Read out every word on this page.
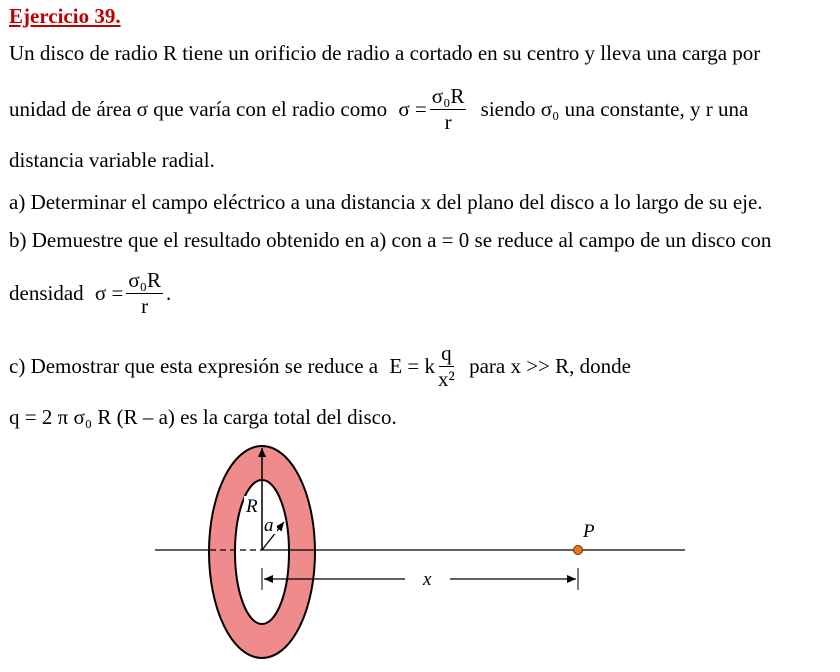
Ejercicio 39.
Un disco de radio R tiene un orificio de radio a cortado en su centro y lleva una carga por
unidad de área σ que varía con el radio como $\sigma = \frac{\text{σ₀R}}{r}$ siendo σ₀ una constante, y r una
distancia variable radial.
a) Determinar el campo eléctrico a una distancia x del plano del disco a lo largo de su eje.
b) Demuestre que el resultado obtenido en a) con a = 0 se reduce al campo de un disco con
densidad $\sigma = \frac{\text{σ₀R}}{r}$ .
c) Demostrar que esta expresión se reduce a E = k $\frac{q}{\text{x²}}$ para x >> R, donde
q = 2 π σ₀ R (R – a) es la carga total del disco.
R
a	P
x
